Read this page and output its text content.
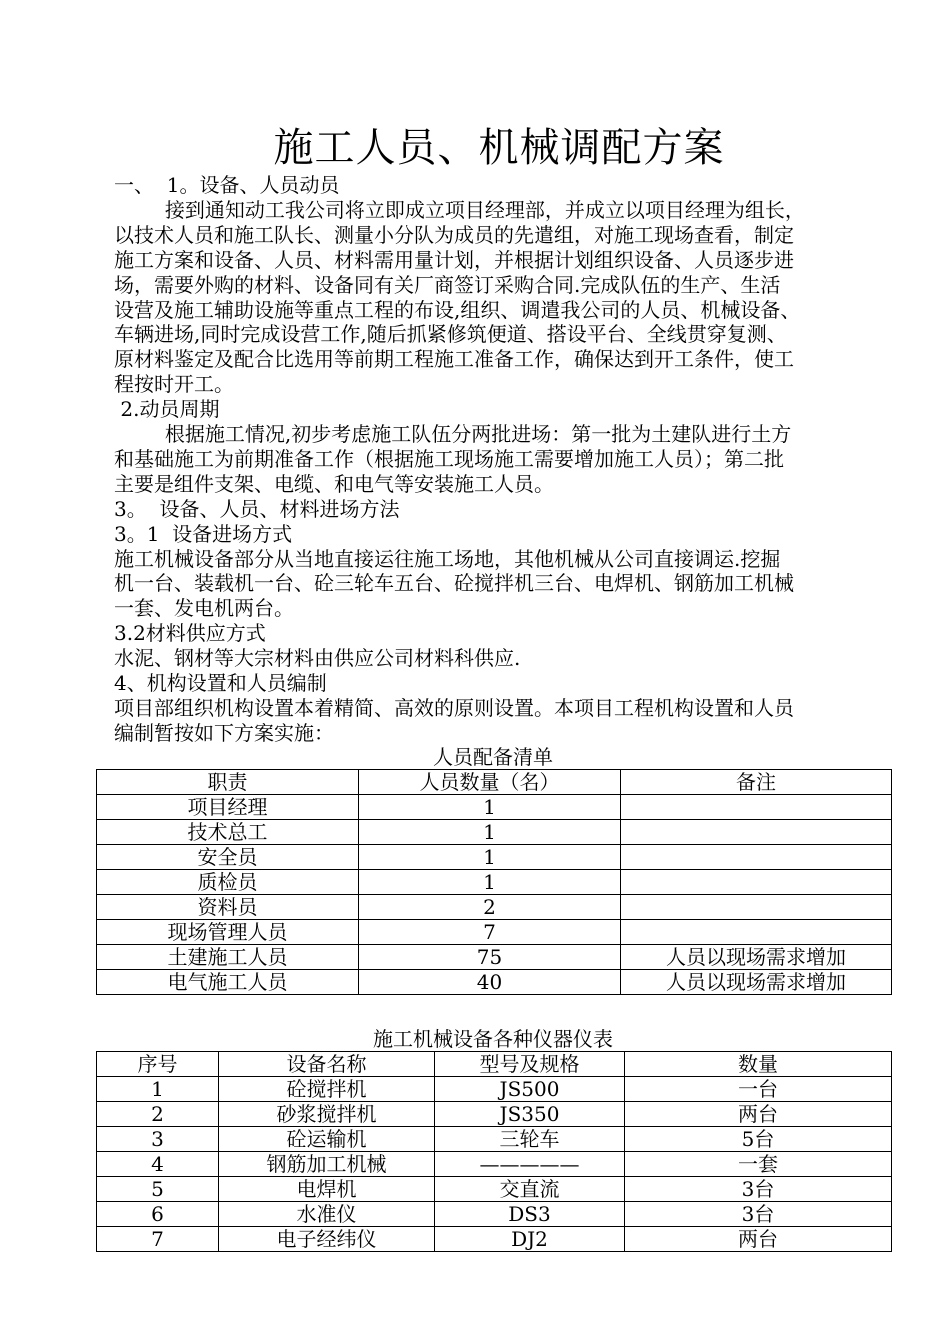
施工人员、机械调配方案
一、  1。设备、人员动员
接到通知动工我公司将立即成立项目经理部，并成立以项目经理为组长，
以技术人员和施工队长、测量小分队为成员的先遣组，对施工现场查看，制定
施工方案和设备、人员、材料需用量计划，并根据计划组织设备、人员逐步进
场，需要外购的材料、设备同有关厂商签订采购合同.完成队伍的生产、生活
设营及施工辅助设施等重点工程的布设,组织、调遣我公司的人员、机械设备、
车辆进场,同时完成设营工作,随后抓紧修筑便道、搭设平台、全线贯穿复测、
原材料鉴定及配合比选用等前期工程施工准备工作，确保达到开工条件，使工
程按时开工。
2.动员周期
根据施工情况,初步考虑施工队伍分两批进场：第一批为土建队进行土方
和基础施工为前期准备工作（根据施工现场施工需要增加施工人员）；第二批
主要是组件支架、电缆、和电气等安装施工人员。
3。  设备、人员、材料进场方法
3。1  设备进场方式
施工机械设备部分从当地直接运往施工场地，其他机械从公司直接调运.挖掘
机一台、装载机一台、砼三轮车五台、砼搅拌机三台、电焊机、钢筋加工机械
一套、发电机两台。
3.2材料供应方式
水泥、钢材等大宗材料由供应公司材料科供应.
4、机构设置和人员编制
项目部组织机构设置本着精简、高效的原则设置。本项目工程机构设置和人员
编制暂按如下方案实施：
人员配备清单
职责	人员数量（名）	备注
项目经理	1	
技术总工	1	
安全员	1	
质检员	1	
资料员	2	
现场管理人员	7	
土建施工人员	75	人员以现场需求增加
电气施工人员	40	人员以现场需求增加
施工机械设备各种仪器仪表
序号	设备名称	型号及规格	数量
1	砼搅拌机	JS500	一台
2	砂浆搅拌机	JS350	两台
3	砼运输机	三轮车	5台
4	钢筋加工机械	—————	一套
5	电焊机	交直流	3台
6	水准仪	DS3	3台
7	电子经纬仪	DJ2	两台
